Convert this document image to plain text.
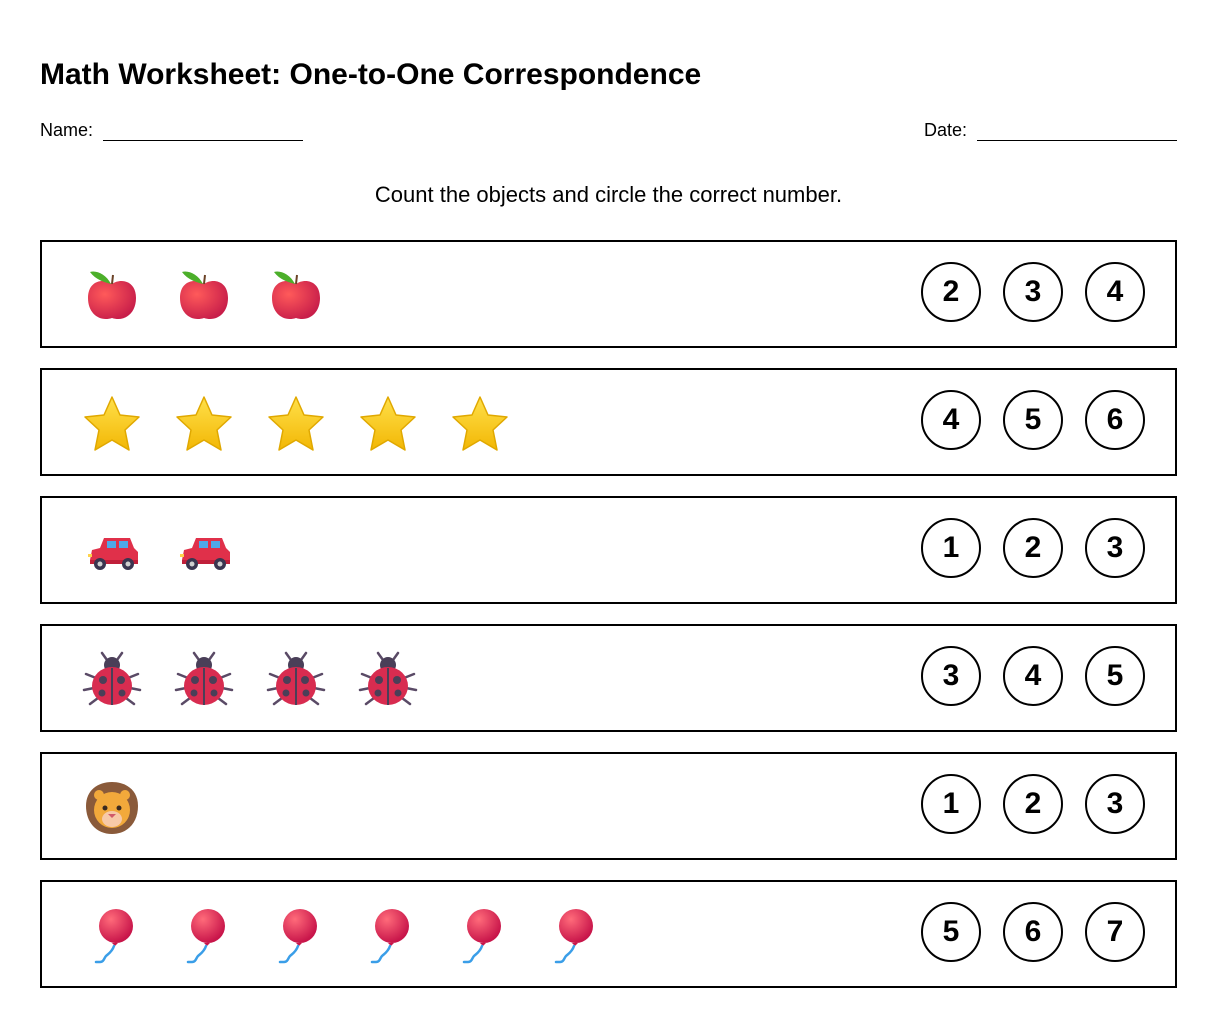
Math Worksheet: One-to-One Correspondence
Name:	Date:
Count the objects and circle the correct number.
2	3	4
4	5	6
1	2	3
3	4	5
1	2	3
5	6	7
